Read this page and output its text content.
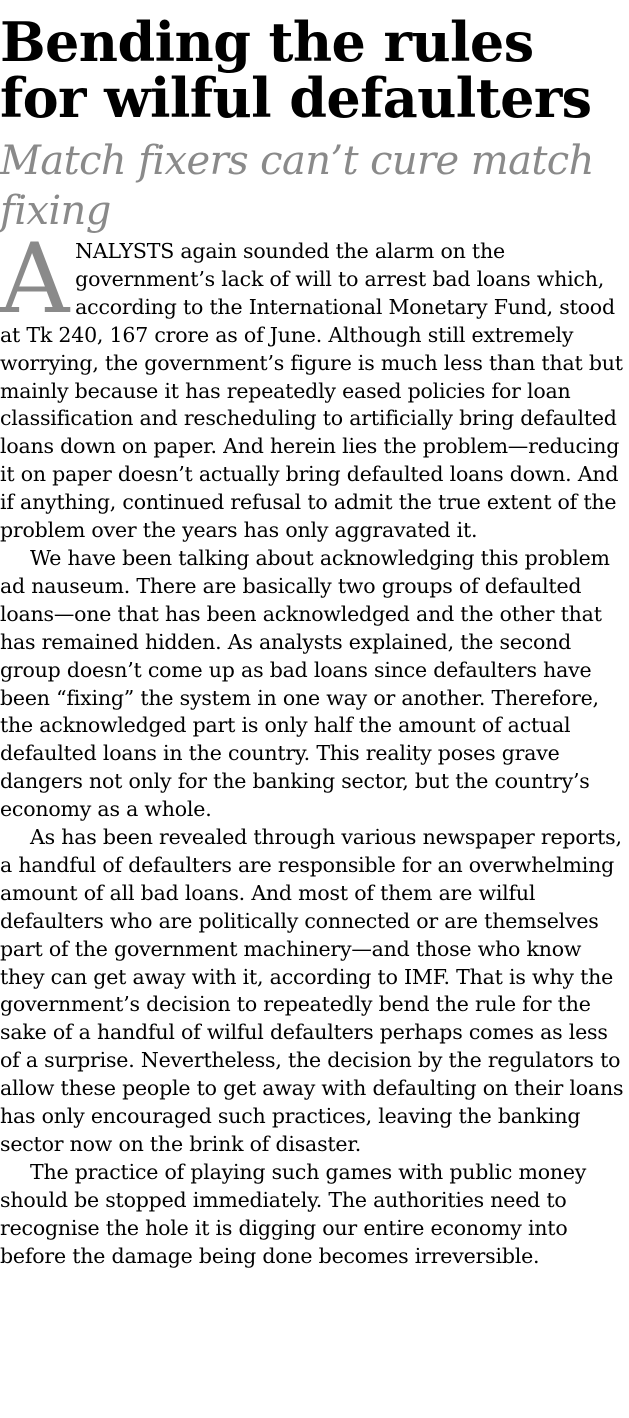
Bending the rules for wilful defaulters
Match fixers can’t cure match fixing

ANALYSTS again sounded the alarm on the government’s lack of will to arrest bad loans which, according to the International Monetary Fund, stood at Tk 240, 167 crore as of June. Although still extremely worrying, the government’s figure is much less than that but mainly because it has repeatedly eased policies for loan classification and rescheduling to artificially bring defaulted loans down on paper. And herein lies the problem—reducing it on paper doesn’t actually bring defaulted loans down. And if anything, continued refusal to admit the true extent of the problem over the years has only aggravated it.

We have been talking about acknowledging this problem ad nauseum. There are basically two groups of defaulted loans—one that has been acknowledged and the other that has remained hidden. As analysts explained, the second group doesn’t come up as bad loans since defaulters have been “fixing” the system in one way or another. Therefore, the acknowledged part is only half the amount of actual defaulted loans in the country. This reality poses grave dangers not only for the banking sector, but the country’s economy as a whole.

As has been revealed through various newspaper reports, a handful of defaulters are responsible for an overwhelming amount of all bad loans. And most of them are wilful defaulters who are politically connected or are themselves part of the government machinery—and those who know they can get away with it, according to IMF. That is why the government’s decision to repeatedly bend the rule for the sake of a handful of wilful defaulters perhaps comes as less of a surprise. Nevertheless, the decision by the regulators to allow these people to get away with defaulting on their loans has only encouraged such practices, leaving the banking sector now on the brink of disaster.

The practice of playing such games with public money should be stopped immediately. The authorities need to recognise the hole it is digging our entire economy into before the damage being done becomes irreversible.
